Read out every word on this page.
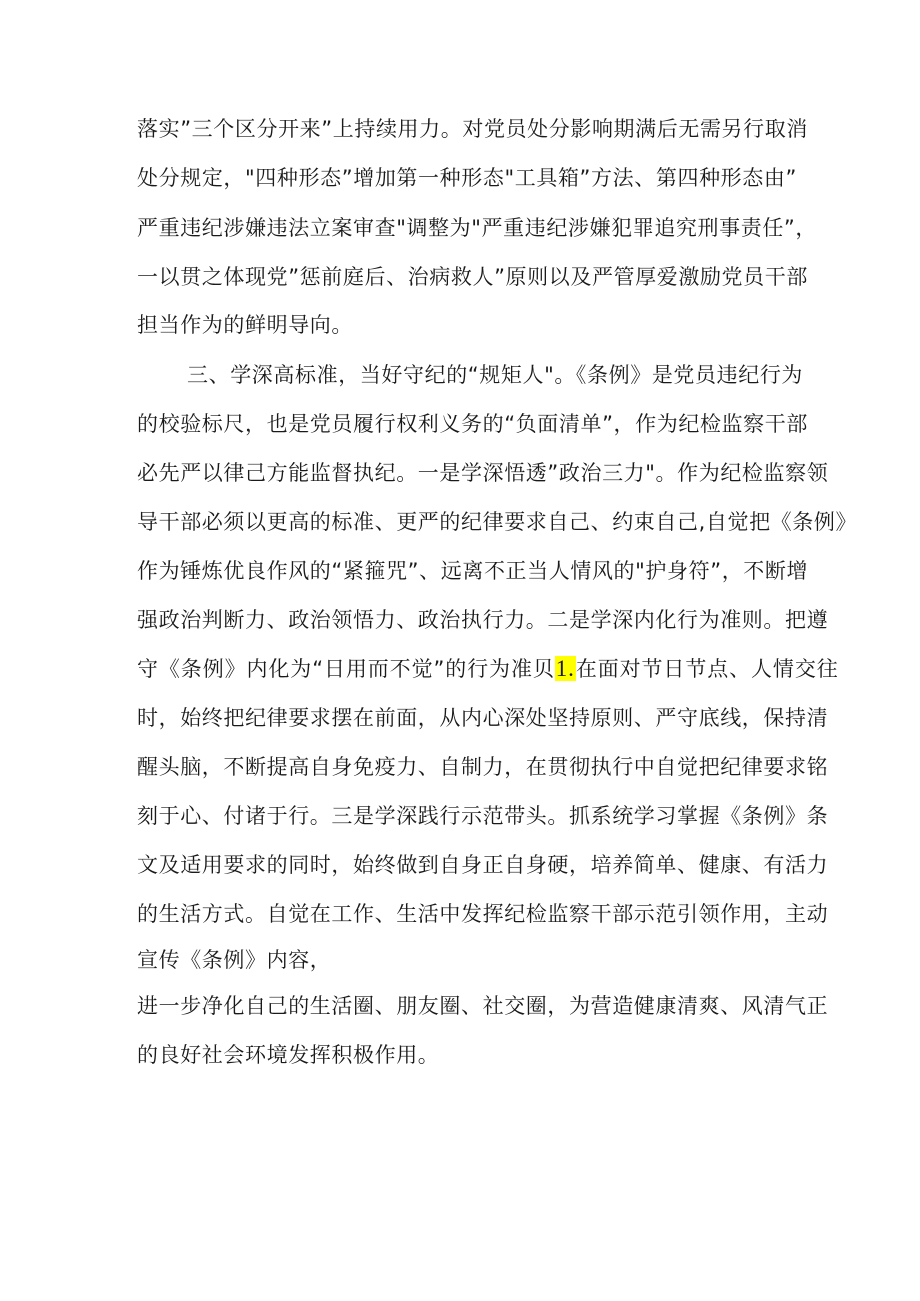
落实”三个区分开来”上持续用力。对党员处分影响期满后无需另行取消
处分规定，"四种形态”增加第一种形态"工具箱”方法、第四种形态由”
严重违纪涉嫌违法立案审查"调整为"严重违纪涉嫌犯罪追究刑事责任”，
一以贯之体现党”惩前庭后、治病救人”原则以及严管厚爱激励党员干部
担当作为的鲜明导向。
三、学深高标准，当好守纪的“规矩人"。《条例》是党员违纪行为
的校验标尺，也是党员履行权利义务的“负面清单”，作为纪检监察干部
必先严以律己方能监督执纪。一是学深悟透”政治三力"。作为纪检监察领
导干部必须以更高的标准、更严的纪律要求自己、约束自己,自觉把《条例》
作为锤炼优良作风的“紧箍咒”、远离不正当人情风的"护身符”，不断增
强政治判断力、政治领悟力、政治执行力。二是学深内化行为准则。把遵
守《条例》内化为“日用而不觉”的行为准贝1.在面对节日节点、人情交往
时，始终把纪律要求摆在前面，从内心深处坚持原则、严守底线，保持清
醒头脑，不断提高自身免疫力、自制力，在贯彻执行中自觉把纪律要求铭
刻于心、付诸于行。三是学深践行示范带头。抓系统学习掌握《条例》条
文及适用要求的同时，始终做到自身正自身硬，培养简单、健康、有活力
的生活方式。自觉在工作、生活中发挥纪检监察干部示范引领作用，主动
宣传《条例》内容，
进一步净化自己的生活圈、朋友圈、社交圈，为营造健康清爽、风清气正
的良好社会环境发挥积极作用。
